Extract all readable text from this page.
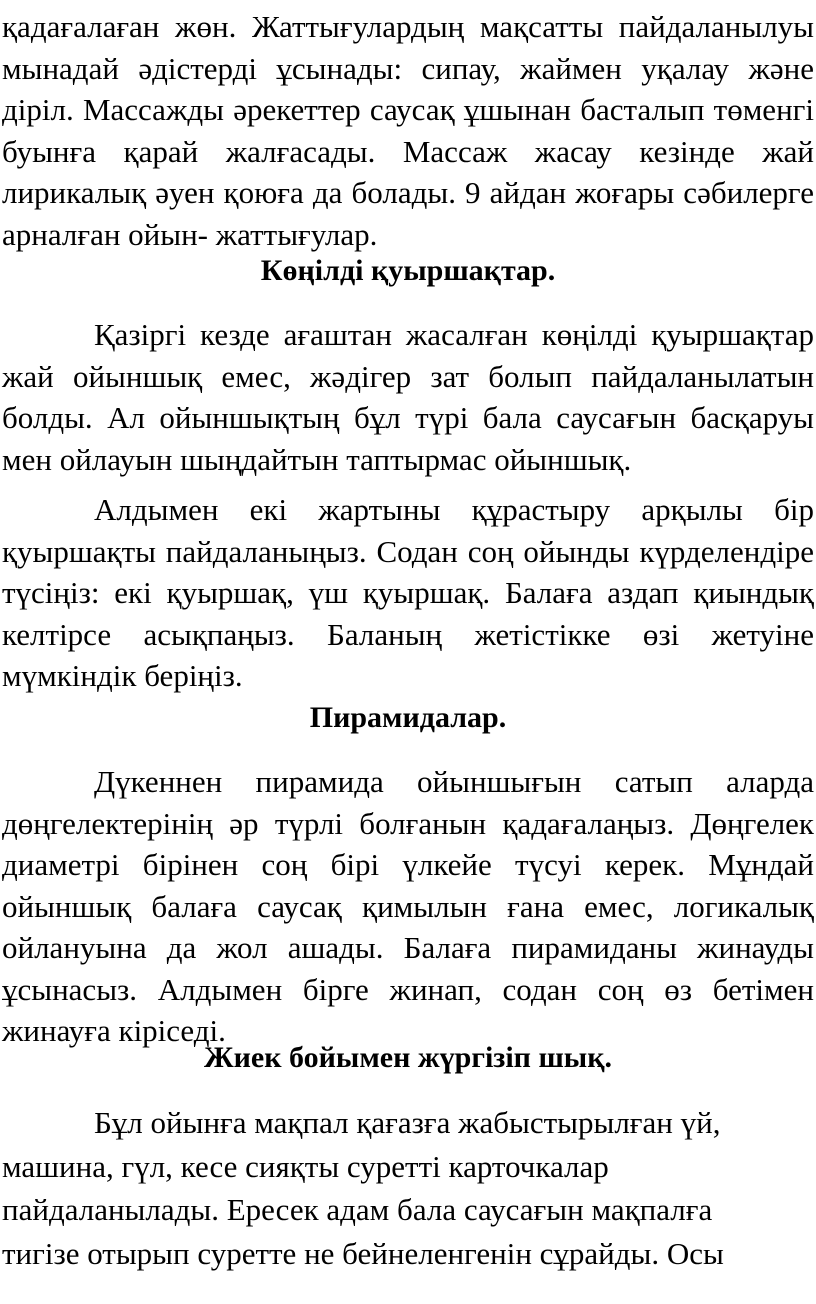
қадағалаған жөн. Жаттығулардың мақсатты пайдаланылуы мынадай әдістерді ұсынады: сипау, жаймен уқалау және діріл. Массажды әрекеттер саусақ ұшынан басталып төменгі буынға қарай жалғасады. Массаж жасау кезінде жай лирикалық әуен қоюға да болады. 9 айдан жоғары сәбилерге арналған ойын- жаттығулар.

Көңілді қуыршақтар.

Қазіргі кезде ағаштан жасалған көңілді қуыршақтар жай ойыншық емес, жәдігер зат болып пайдаланылатын болды. Ал ойыншықтың бұл түрі бала саусағын басқаруы мен ойлауын шыңдайтын таптырмас ойыншық.

Алдымен екі жартыны құрастыру арқылы бір қуыршақты пайдаланыңыз. Содан соң ойынды күрделендіре түсіңіз: екі қуыршақ, үш қуыршақ. Балаға аздап қиындық келтірсе асықпаңыз. Баланың жетістікке өзі жетуіне мүмкіндік беріңіз.

Пирамидалар.

Дүкеннен пирамида ойыншығын сатып аларда дөңгелектерінің әр түрлі болғанын қадағалаңыз. Дөңгелек диаметрі бірінен соң бірі үлкейе түсуі керек. Мұндай ойыншық балаға саусақ қимылын ғана емес, логикалық ойлануына да жол ашады. Балаға пирамиданы жинауды ұсынасыз. Алдымен бірге жинап, содан соң өз бетімен жинауға кіріседі.

Жиек бойымен жүргізіп шық.

Бұл ойынға мақпал қағазға жабыстырылған үй, машина, гүл, кесе сияқты суретті карточкалар пайдаланылады. Ересек адам бала саусағын мақпалға тигізе отырып суретте не бейнеленгенін сұрайды. Осы
